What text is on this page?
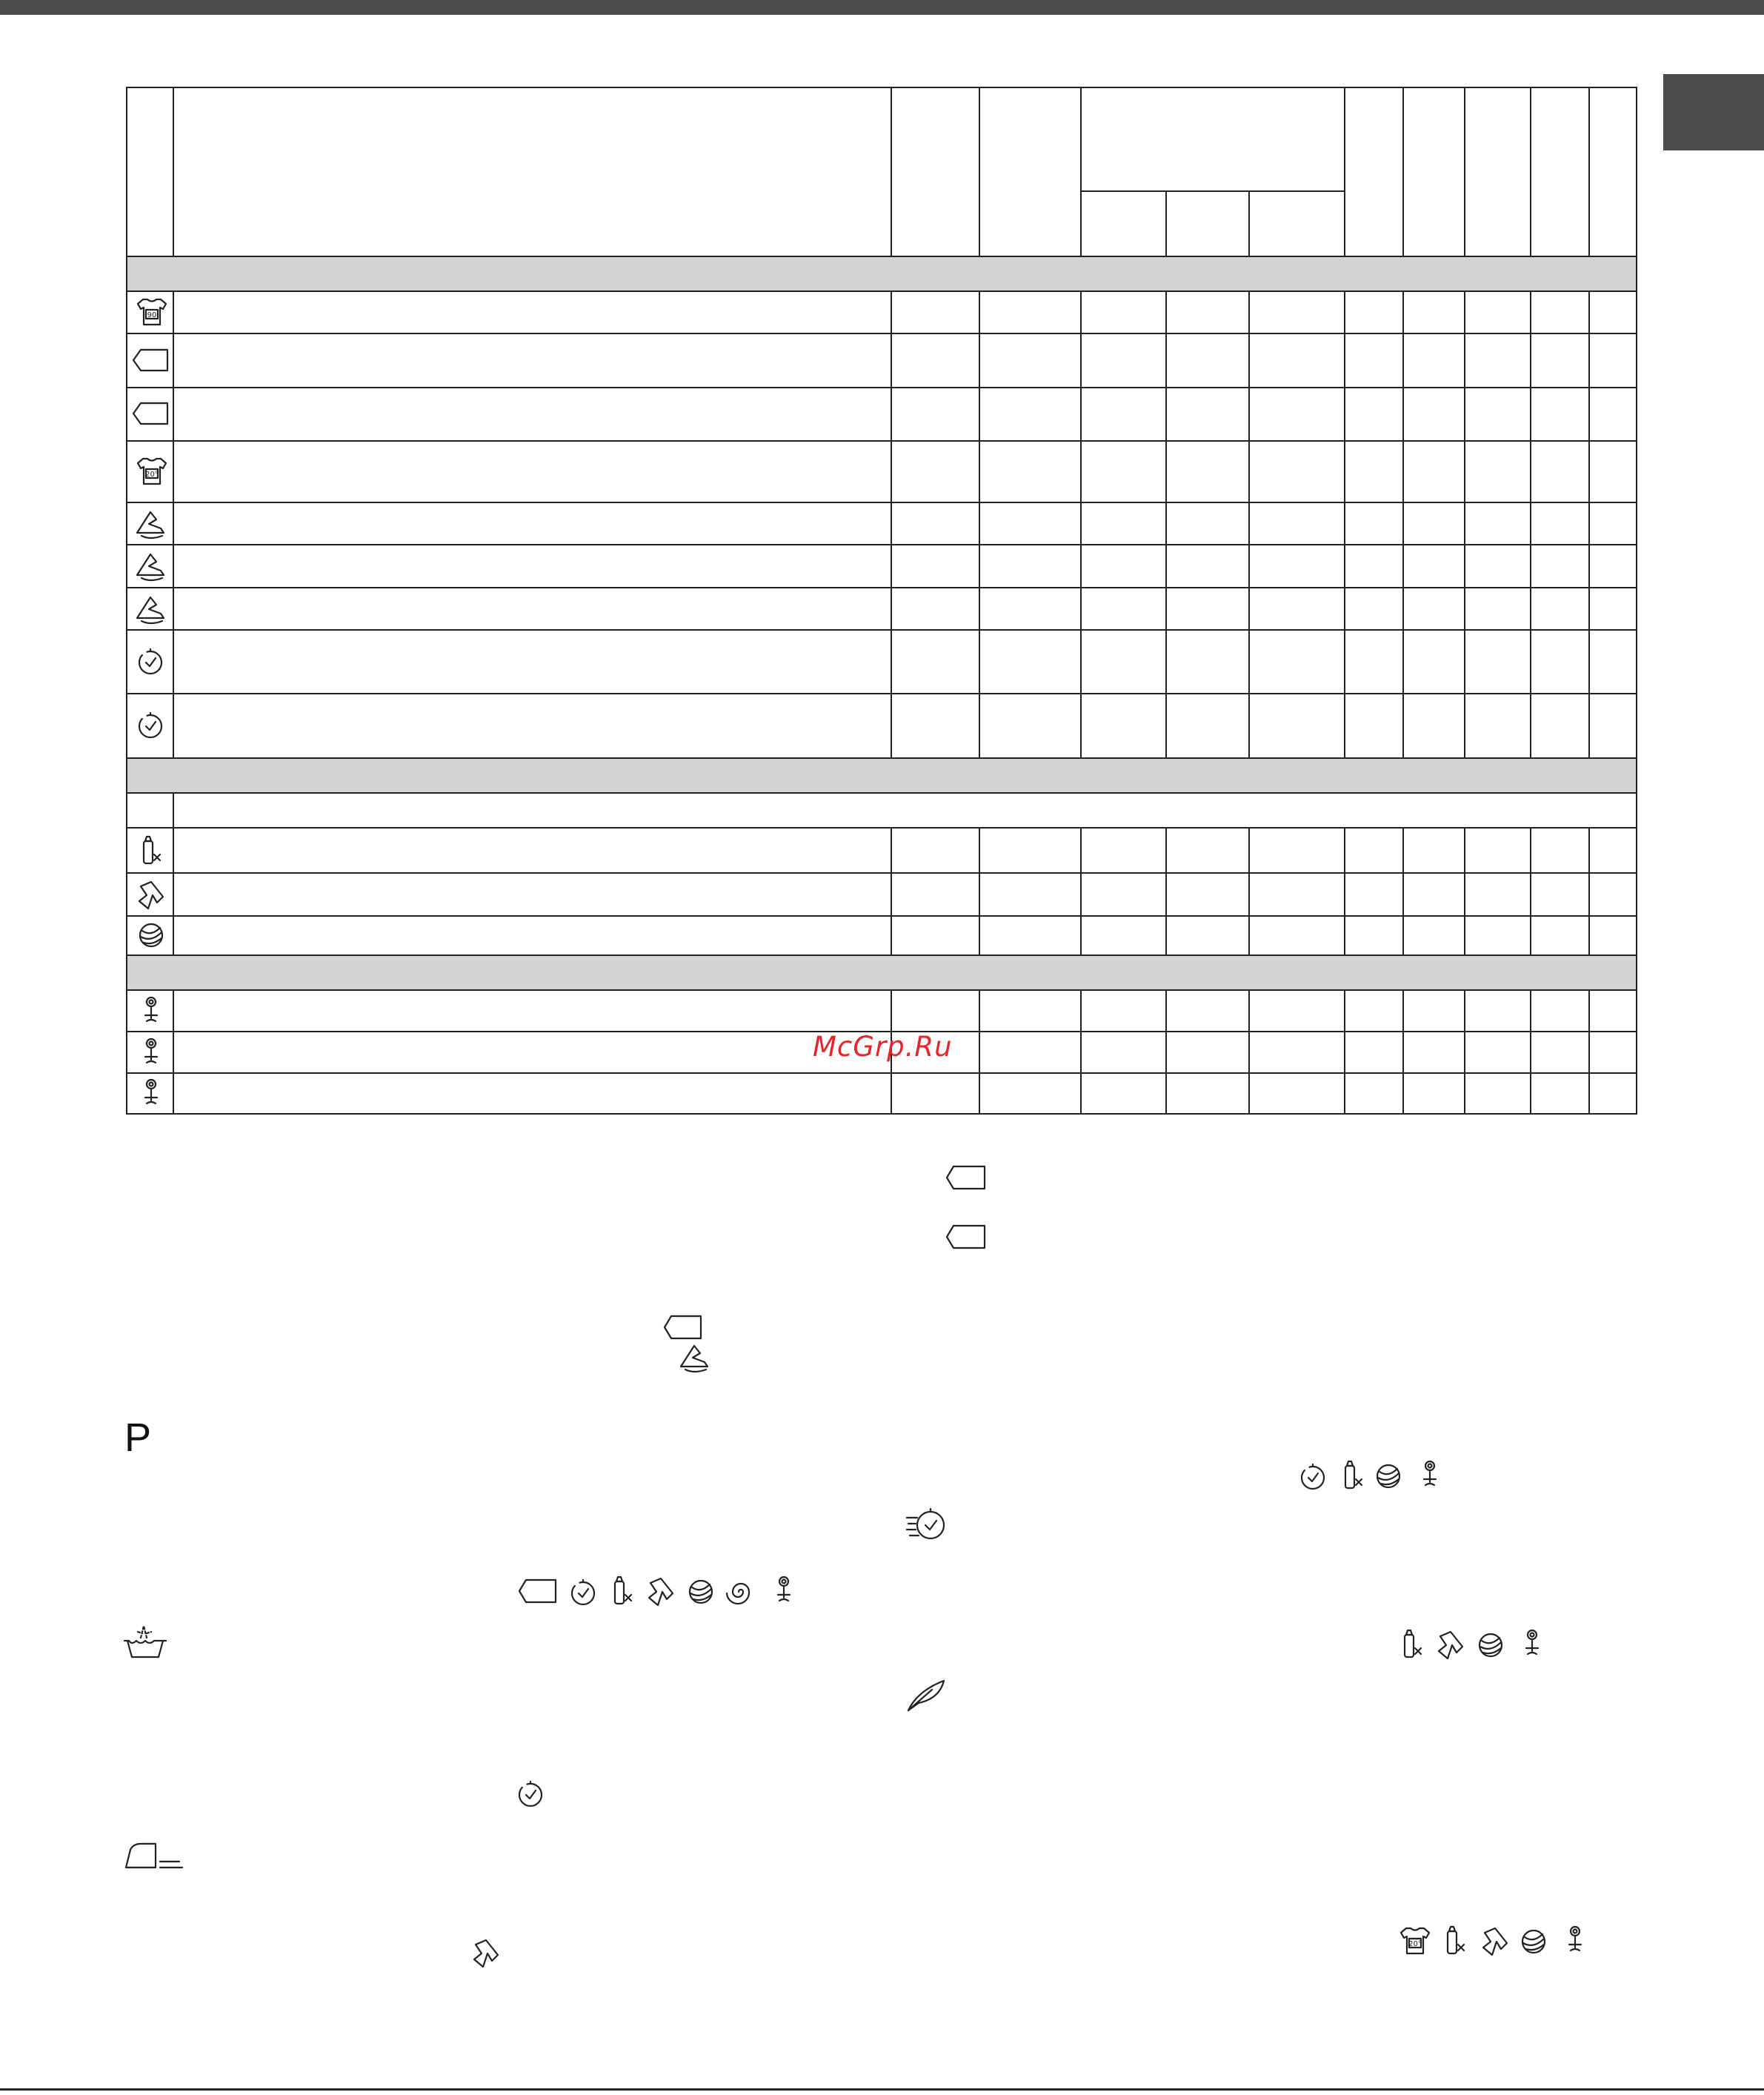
90
20°
McGrp.Ru
P
20°
